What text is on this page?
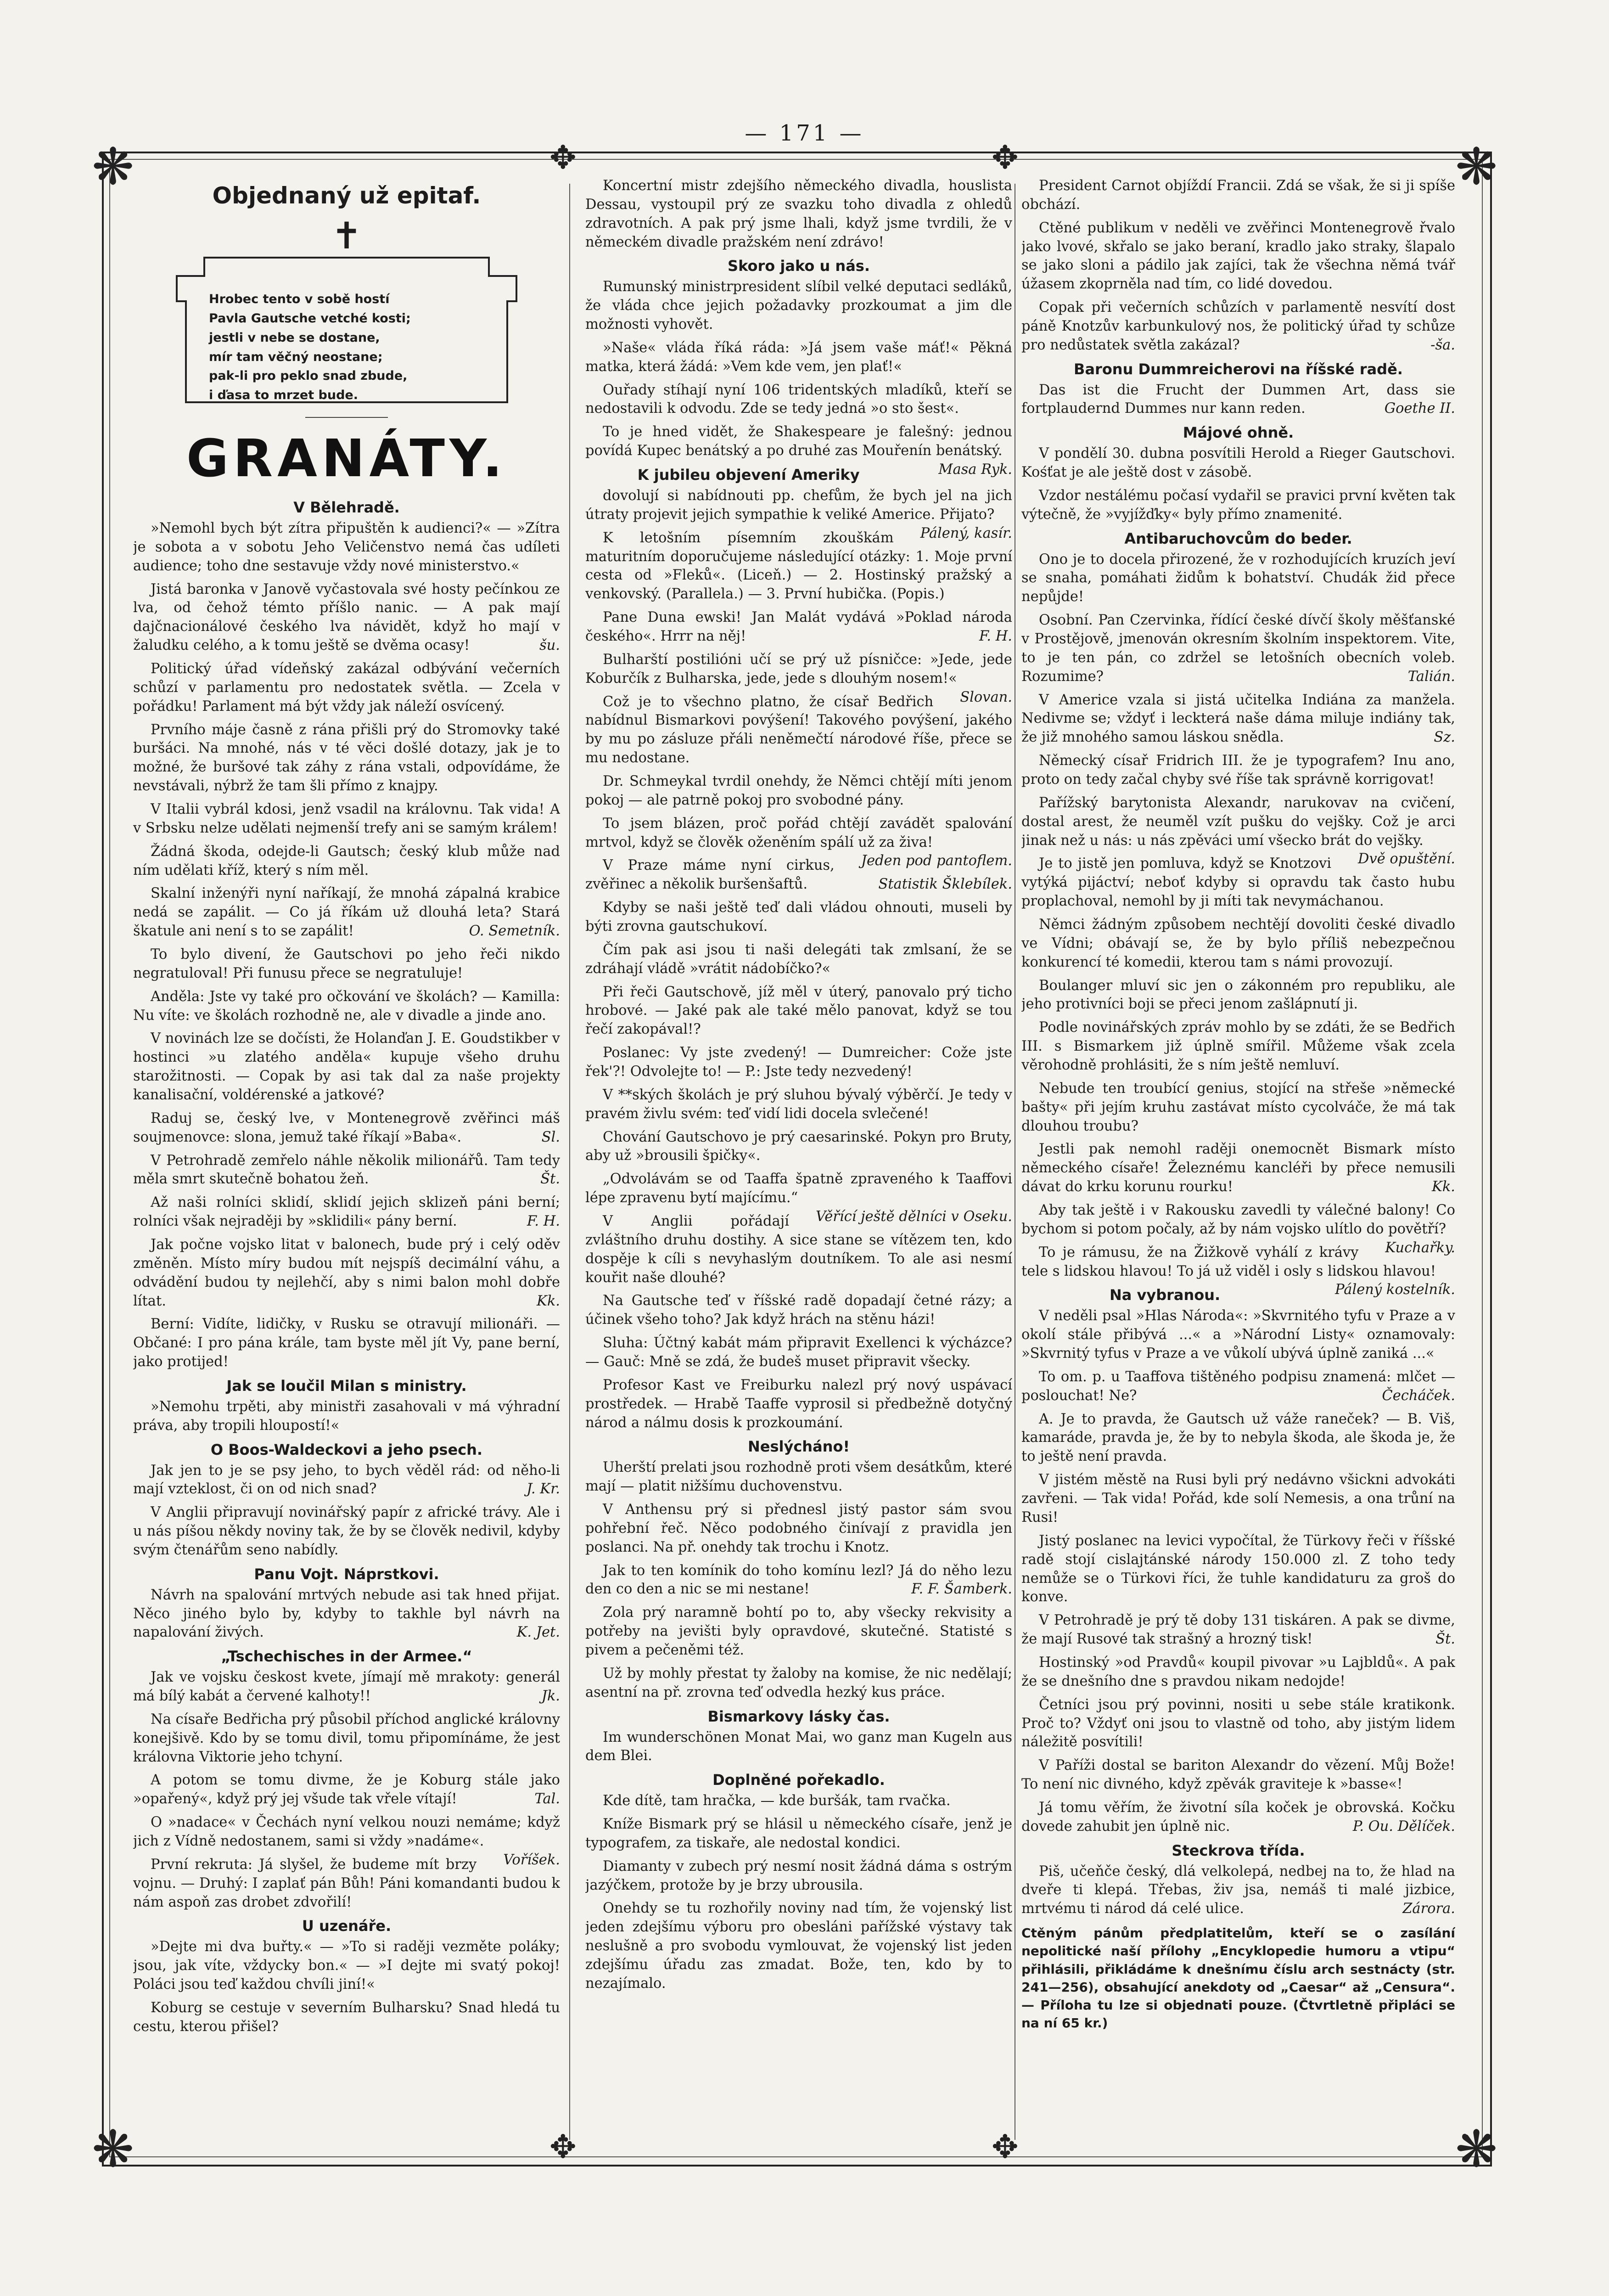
— 171 —
❋	❋
❋	❋
✥	✥
✥	✥
Objednaný už epitaf.
✝
Hrobec tento v sobě hostí
Pavla Gautsche vetché kosti;
jestli v nebe se dostane,
mír tam věčný neostane;
pak-li pro peklo snad zbude,
i ďasa to mrzet bude.
GRANÁTY.
V Bělehradě.
»Nemohl bych být zítra připuštěn k audienci?« — »Zítra je sobota a v sobotu Jeho Veličenstvo nemá čas udíleti audience; toho dne sestavuje vždy nové ministerstvo.«
Jistá baronka v Janově vyčastovala své hosty pečínkou ze lva, od čehož témto příšlo nanic. — A pak mají dajčnacionálové českého lva návidět, když ho mají v žaludku celého, a k tomu ještě se dvěma ocasy!	šu.
Politický úřad vídeňský zakázal odbývání večerních schůzí v parlamentu pro nedostatek světla. — Zcela v pořádku! Parlament má být vždy jak náleží osvícený.
Prvního máje časně z rána přišli prý do Stromovky také buršáci. Na mnohé, nás v té věci došlé dotazy, jak je to možné, že buršové tak záhy z rána vstali, odpovídáme, že nevstávali, nýbrž že tam šli přímo z knajpy.
V Italii vybrál kdosi, jenž vsadil na královnu. Tak vida! A v Srbsku nelze udělati nejmenší trefy ani se samým králem!
Žádná škoda, odejde-li Gautsch; český klub může nad ním udělati kříž, který s ním měl.
Skalní inženýři nyní naříkají, že mnohá zápalná krabice nedá se zapálit. — Co já říkám už dlouhá leta? Stará škatule ani není s to se zapálit!	O. Semetník.
To bylo divení, že Gautschovi po jeho řeči nikdo negratuloval! Při funusu přece se negratuluje!
Anděla: Jste vy také pro očkování ve školách? — Kamilla: Nu víte: ve školách rozhodně ne, ale v divadle a jinde ano.
V novinách lze se dočísti, že Holanďan J. E. Goudstikber v hostinci »u zlatého anděla« kupuje všeho druhu starožitnosti. — Copak by asi tak dal za naše projekty kanalisační, voldérenské a jatkové?
Raduj se, český lve, v Montenegrově zvěřinci máš soujmenovce: slona, jemuž také říkají »Baba«.	Sl.
V Petrohradě zemřelo náhle několik milionářů. Tam tedy měla smrt skutečně bohatou žeň.	Št.
Až naši rolníci sklidí, sklidí jejich sklizeň páni berní; rolníci však nejraději by »sklidili« pány berní.	F. H.
Jak počne vojsko litat v balonech, bude prý i celý oděv změněn. Místo míry budou mít nejspíš decimální váhu, a odvádění budou ty nejlehčí, aby s nimi balon mohl dobře lítat.	Kk.
Berní: Vidíte, lidičky, v Rusku se otravují milionáři. — Občané: I pro pána krále, tam byste měl jít Vy, pane berní, jako protijed!
Jak se loučil Milan s ministry.
»Nemohu trpěti, aby ministři zasahovali v má výhradní práva, aby tropili hloupostí!«
O Boos-Waldeckovi a jeho psech.
Jak jen to je se psy jeho, to bych věděl rád: od něho-li mají vzteklost, či on od nich snad?	J. Kr.
V Anglii připravují novinářský papír z africké trávy. Ale i u nás píšou někdy noviny tak, že by se člověk nedivil, kdyby svým čtenářům seno nabídly.
Panu Vojt. Náprstkovi.
Návrh na spalování mrtvých nebude asi tak hned přijat. Něco jiného bylo by, kdyby to takhle byl návrh na napalování živých.	K. Jet.
„Tschechisches in der Armee.“
Jak ve vojsku českost kvete, jímají mě mrakoty: generál má bílý kabát a červené kalhoty!!	Jk.
Na císaře Bedřicha prý působil příchod anglické královny konejšivě. Kdo by se tomu divil, tomu připomínáme, že jest královna Viktorie jeho tchyní.
A potom se tomu divme, že je Koburg stále jako »opařený«, když prý jej všude tak vřele vítají!	Tal.
O »nadace« v Čechách nyní velkou nouzi nemáme; když jich z Vídně nedostanem, sami si vždy »nadáme«.
Voříšek.
První rekruta: Já slyšel, že budeme mít brzy vojnu. — Druhý: I zaplať pán Bůh! Páni komandanti budou k nám aspoň zas drobet zdvořilí!
U uzenáře.
»Dejte mi dva buřty.« — »To si raději vezměte poláky; jsou, jak víte, vždycky bon.« — »I dejte mi svatý pokoj! Poláci jsou teď každou chvíli jiní!«
Koburg se cestuje v severním Bulharsku? Snad hledá tu cestu, kterou přišel?
Koncertní mistr zdejšího německého divadla, houslista Dessau, vystoupil prý ze svazku toho divadla z ohledů zdravotních. A pak prý jsme lhali, když jsme tvrdili, že v německém divadle pražském není zdrávo!
Skoro jako u nás.
Rumunský ministrpresident slíbil velké deputaci sedláků, že vláda chce jejich požadavky prozkoumat a jim dle možnosti vyhovět.
»Naše« vláda říká rádа: »Já jsem vaše máť!« Pěkná matka, která žádá: »Vem kde vem, jen plať!«
Ouřady stíhají nyní 106 tridentských mladíků, kteří se nedostavili k odvodu. Zde se tedy jedná »o sto šest«.
To je hned vidět, že Shakespeare je falešný: jednou povídá Kupec benátský a po druhé zas Mouřenín benátský.
Masa Ryk.
K jubileu objevení Ameriky
dovolují si nabídnouti pp. chefům, že bych jel na jich útraty projevit jejich sympathie k veliké Americe. Přijato?
Pálený, kasír.
K letošním písemním zkouškám maturitním doporučujeme následující otázky: 1. Moje první cesta od »Fleků«. (Liceň.) — 2. Hostinský pražský a venkovský. (Parallela.) — 3. První hubička. (Popis.)
Pane Duna ewski! Jan Malát vydává »Poklad národa českého«. Hrrr na něj!	F. H.
Bulharští postilióni učí se prý už písničce: »Jede, jede Koburčík z Bulharska, jede, jede s dlouhým nosem!«
Slovan.
Což je to všechno platno, že císař Bedřich nabídnul Bismarkovi povýšení! Takového povýšení, jakého by mu po zásluze přáli neněmečtí národové říše, přece se mu nedostane.
Dr. Schmeykal tvrdil onehdy, že Němci chtějí míti jenom pokoj — ale patrně pokoj pro svobodné pány.
To jsem blázen, proč pořád chtějí zavádět spalování mrtvol, když se člověk oženěním spálí už za živa!
Jeden pod pantoflem.
V Praze máme nyní cirkus, zvěřinec a několik buršenšaftů.	Statistik Šklebílek.
Kdyby se naši ještě teď dali vládou ohnouti, museli by býti zrovna gautschukoví.
Čím pak asi jsou ti naši delegáti tak zmlsaní, že se zdráhají vládě »vrátit nádobíčko?«
Při řeči Gautschově, jíž měl v úterý, panovalo prý ticho hrobové. — Jaké pak ale také mělo panovat, když se tou řečí zakopával!?
Poslanec: Vy jste zvedený! — Dumreicher: Cože jste řek'?! Odvolejte to! — P.: Jste tedy nezvedený!
V **ských školách je prý sluhou bývalý výběrčí. Je tedy v pravém živlu svém: teď vidí lidi docela svlečené!
Chování Gautschovo je prý caesarinské. Pokyn pro Bruty, aby už »brousili špičky«.
„Odvolávám se od Taaffa špatně zpraveného k Taaffovi lépe zpravenu bytí majícímu.“
Věřící ještě dělníci v Oseku.
V Anglii pořádají zvláštního druhu dostihy. A sice stane se vítězem ten, kdo dospěje k cíli s nevyhaslým doutníkem. To ale asi nesmí kouřit naše dlouhé?
Na Gautsche teď v říšské radě dopadají četné rázy; a účinek všeho toho? Jak když hrách na stěnu házi!
Sluha: Účtný kabát mám připravit Exellenci k výcházce? — Gauč: Mně se zdá, že budeš muset připravit všecky.
Profesor Kast ve Freiburku nalezl prý nový uspávací prostředek. — Hrabě Taaffe vyprosil si předbežně dotyčný národ a nálmu dosis k prozkoumání.
Neslýcháno!
Uherští prelati jsou rozhodně proti všem desátkům, které mají — platit nižšímu duchovenstvu.
V Anthensu prý si přednesl jistý pastor sám svou pohřební řeč. Něco podobného činívají z pravidla jen poslanci. Na př. onehdy tak trochu i Knotz.
Jak to ten komínik do toho komínu lezl? Já do něho lezu den co den a nic se mi nestane!	F. F. Šamberk.
Zola prý naramně bohtí po to, aby všecky rekvisity a potřeby na jevišti byly opravdové, skutečné. Statisté s pivem a pečeněmi též.
Už by mohly přestat ty žaloby na komise, že nic nedělají; asentní na př. zrovna teď odvedla hezký kus práce.
Bismarkovy lásky čas.
Im wunderschönen Monat Mai, wo ganz man Kugeln aus dem Blei.
Doplněné pořekadlo.
Kde dítě, tam hračka, — kde buršák, tam rvačka.
Kníže Bismark prý se hlásil u německého císaře, jenž je typografem, za tiskaře, ale nedostal kondici.
Diamanty v zubech prý nesmí nosit žádná dáma s ostrým jazýčkem, protože by je brzy ubrousila.
Onehdy se tu rozhořily noviny nad tím, že vojenský list jeden zdejšímu výboru pro obesláni pařížské výstavy tak neslušně a pro svobodu vymlouvat, že vojenský list jeden zdejšímu úřadu zas zmadat. Bože, ten, kdo by to nezajímalo.
President Carnot objíždí Francii. Zdá se však, že si ji spíše obchází.
Ctěné publikum v neděli ve zvěřinci Montenegrově řvalo jako lvové, skřalo se jako beraní, kradlo jako straky, šlapalo se jako sloni a pádilo jak zajíci, tak že všechna němá tvář úžasem zkoprněla nad tím, co lidé dovedou.
Copak při večerních schůzích v parlamentě nesvítí dost páně Knotzův karbunkulový nos, že politický úřad ty schůze pro nedůstatek světla zakázal?	-ša.
Baronu Dummreicherovi na říšské radě.
Das ist die Frucht der Dummen Art, dass sie fortplaudernd Dummes nur kann reden.	Goethe II.
Májové ohně.
V pondělí 30. dubna posvítili Herold a Rieger Gautschovi. Kośťat je ale ještě dost v zásobě.
Vzdor nestálému počasí vydařil se pravici první květen tak výtečně, že »vyjížďky« byly přímo znamenité.
Antibaruchovcům do beder.
Ono je to docela přirozené, že v rozhodujících kruzích jeví se snaha, pomáhati židům k bohatství. Chudák žid přece nepůjde!
Osobní. Pan Czervinka, řídící české dívčí školy měšťanské v Prostějově, jmenován okresním školním inspektorem. Vite, to je ten pán, co zdržel se letošních obecních voleb. Rozumime?	Talián.
V Americe vzala si jistá učitelka Indiána za manžela. Nedivme se; vždyť i leckterá naše dáma miluje indiány tak, že již mnohého samou láskou snědla.	Sz.
Německý císař Fridrich III. že je typografem? Inu ano, proto on tedy začal chyby své říše tak správně korrigovat!
Pařížský barytonista Alexandr, narukovav na cvičení, dostal arest, že neuměl vzít pušku do vejšky. Což je arci jinak než u nás: u nás zpěváci umí všecko brát do vejšky.
Dvě opuštění.
Je to jistě jen pomluva, když se Knotzovi vytýká pijáctví; neboť kdyby si opravdu tak často hubu proplachoval, nemohl by ji míti tak nevymáchanou.
Němci žádným způsobem nechtějí dovoliti české divadlo ve Vídni; obávají se, že by bylo příliš nebezpečnou konkurencí té komedii, kterou tam s námi provozují.
Boulanger mluví sic jen o zákonném pro republiku, ale jeho protivníci boji se přeci jenom zašlápnutí ji.
Podle novinářských zpráv mohlo by se zdáti, že se Bedřich III. s Bismarkem již úplně smířil. Můžeme však zcela věrohodně prohlásiti, že s ním ještě nemluví.
Nebude ten troubící genius, stojící na střeše »německé bašty« při jejím kruhu zastávat místo cycolváče, že má tak dlouhou troubu?
Jestli pak nemohl raději onemocnět Bismark místo německého císaře! Železnému kancléři by přece nemusili dávat do krku korunu rourku!	Kk.
Aby tak ještě i v Rakousku zavedli ty válečné balony! Co bychom si potom počaly, až by nám vojsko ulítlo do povětří?
Kuchařky.
To je rámusu, že na Žižkově vyhálí z krávy tele s lidskou hlavou! To já už viděl i osly s lidskou hlavou!
Pálený kostelník.
Na vybranou.
V neděli psal »Hlas Národa«: »Skvrnitého tyfu v Praze a v okolí stále přibývá ...« a »Národní Listy« oznamovaly: »Skvrnitý tyfus v Praze a ve vůkolí ubývá úplně zaniká ...«
To om. p. u Taaffova tištěného podpisu znamená: mlčet — poslouchat! Ne?	Čecháček.
A. Je to pravda, že Gautsch už váže raneček? — B. Viš, kamaráde, pravda je, že by to nebyla škoda, ale škoda je, že to ještě není pravda.
V jistém městě na Rusi byli prý nedávno všickni advokáti zavřeni. — Tak vida! Pořád, kde solí Nemesis, a ona trůní na Rusi!
Jistý poslanec na levici vypočítal, že Türkovy řeči v říšské radě stojí cislajtánské národy 150.000 zl. Z toho tedy nemůže se o Türkovi říci, že tuhle kandidaturu za groš do konve.
V Petrohradě je prý tě doby 131 tiskáren. A pak se divme, že mají Rusové tak strašný a hrozný tisk!	Št.
Hostinský »od Pravdů« koupil pivovar »u Lajbldů«. A pak že se dnešního dne s pravdou nikam nedojde!
Četníci jsou prý povinni, nositi u sebe stále kratikonk. Proč to? Vždyť oni jsou to vlastně od toho, aby jistým lidem náležitě posvítili!
V Paříži dostal se bariton Alexandr do vězení. Můj Bože! To není nic divného, když zpěvák graviteje k »basse«!
Já tomu věřím, že životní síla koček je obrovská. Kočku dovede zahubit jen úplně nic.	P. Ou. Dělíček.
Steckrova třída.
Piš, učeňče český, dlá velkolepá, nedbej na to, že hlad na dveře ti klepá. Třebas, živ jsa, nemáš ti malé jizbice, mrtvému ti národ dá celé ulice.	Zárora.
Ctěným pánům předplatitelům, kteří se o zasílání nepolitické naší přílohy „Encyklopedie humoru a vtipu“ přihlásili, přikládáme k dnešnímu číslu arch sestnácty (str. 241—256), obsahující anekdoty od „Caesar“ až „Censura“. — Příloha tu lze si objednati pouze. (Čtvrtletně připláci se na ní 65 kr.)
